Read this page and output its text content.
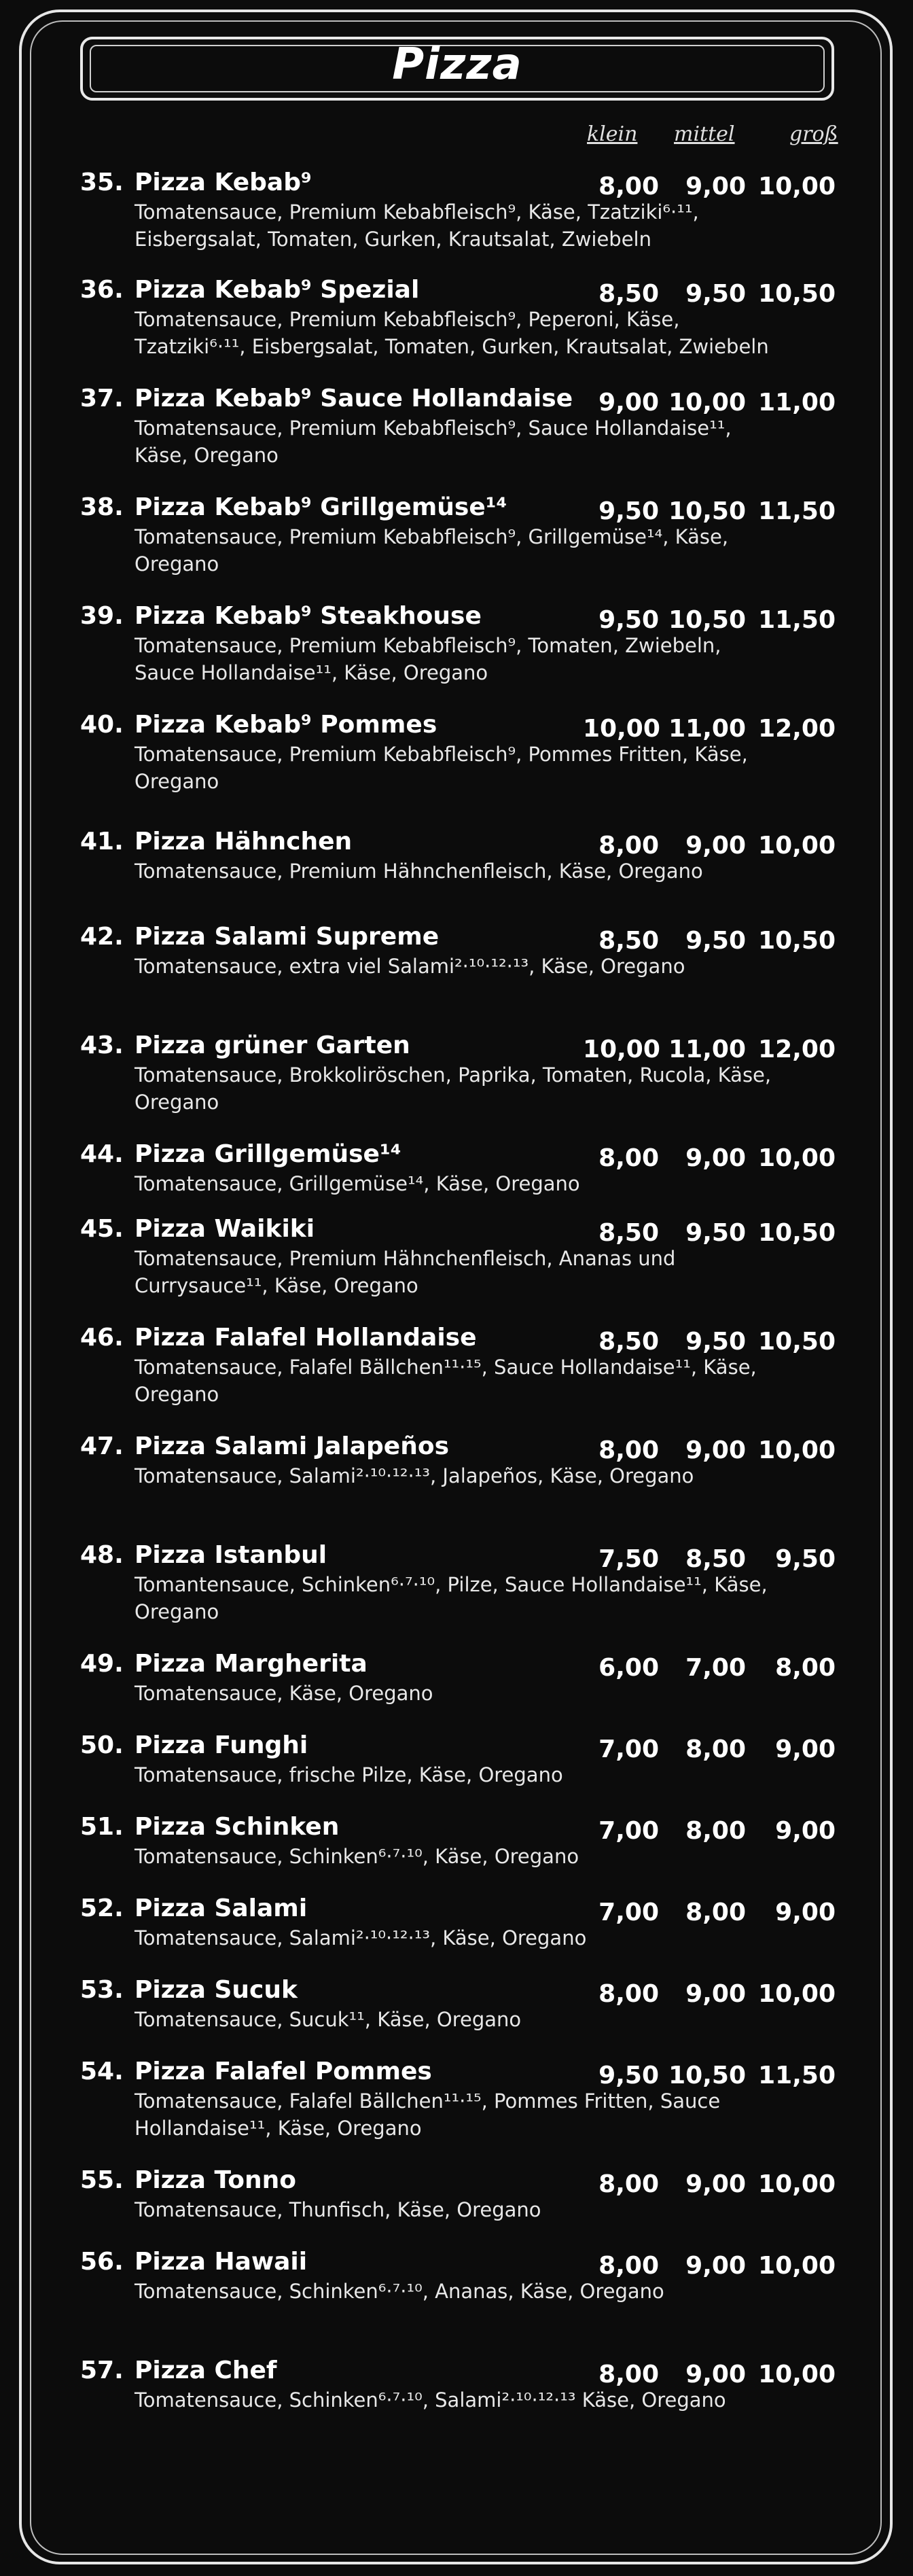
Pizza
klein mittel	groß
35. Pizza Kebab⁹	8,00	9,00 10,00
Tomatensauce, Premium Kebabfleisch⁹, Käse, Tzatziki⁶·¹¹, Eisbergsalat, Tomaten, Gurken, Krautsalat, Zwiebeln
36. Pizza Kebab⁹ Spezial	8,50	9,50 10,50
Tomatensauce, Premium Kebabfleisch⁹, Peperoni, Käse, Tzatziki⁶·¹¹, Eisbergsalat, Tomaten, Gurken, Krautsalat, Zwiebeln
37. Pizza Kebab⁹ Sauce Hollandaise	9,00 10,00 11,00
Tomatensauce, Premium Kebabfleisch⁹, Sauce Hollandaise¹¹, Käse, Oregano
38. Pizza Kebab⁹ Grillgemüse¹⁴	9,50 10,50 11,50
Tomatensauce, Premium Kebabfleisch⁹, Grillgemüse¹⁴, Käse, Oregano
39. Pizza Kebab⁹ Steakhouse	9,50 10,50 11,50
Tomatensauce, Premium Kebabfleisch⁹, Tomaten, Zwiebeln, Sauce Hollandaise¹¹, Käse, Oregano
40. Pizza Kebab⁹ Pommes	10,00 11,00 12,00
Tomatensauce, Premium Kebabfleisch⁹, Pommes Fritten, Käse, Oregano
41. Pizza Hähnchen	8,00	9,00 10,00
Tomatensauce, Premium Hähnchenfleisch, Käse, Oregano
42. Pizza Salami Supreme	8,50	9,50 10,50
Tomatensauce, extra viel Salami²·¹⁰·¹²·¹³, Käse, Oregano
43. Pizza grüner Garten	10,00 11,00 12,00
Tomatensauce, Brokkoliröschen, Paprika, Tomaten, Rucola, Käse, Oregano
44. Pizza Grillgemüse¹⁴	8,00	9,00 10,00
Tomatensauce, Grillgemüse¹⁴, Käse, Oregano
45. Pizza Waikiki	8,50	9,50 10,50
Tomatensauce, Premium Hähnchenfleisch, Ananas und Currysauce¹¹, Käse, Oregano
46. Pizza Falafel Hollandaise	8,50	9,50 10,50
Tomatensauce, Falafel Bällchen¹¹·¹⁵, Sauce Hollandaise¹¹, Käse, Oregano
47. Pizza Salami Jalapeños	8,00	9,00 10,00
Tomatensauce, Salami²·¹⁰·¹²·¹³, Jalapeños, Käse, Oregano
48. Pizza Istanbul	7,50	8,50	9,50
Tomantensauce, Schinken⁶·⁷·¹⁰, Pilze, Sauce Hollandaise¹¹, Käse, Oregano
49. Pizza Margherita	6,00	7,00	8,00
Tomatensauce, Käse, Oregano
50. Pizza Funghi	7,00	8,00	9,00
Tomatensauce, frische Pilze, Käse, Oregano
51. Pizza Schinken	7,00	8,00	9,00
Tomatensauce, Schinken⁶·⁷·¹⁰, Käse, Oregano
52. Pizza Salami	7,00	8,00	9,00
Tomatensauce, Salami²·¹⁰·¹²·¹³, Käse, Oregano
53. Pizza Sucuk	8,00	9,00 10,00
Tomatensauce, Sucuk¹¹, Käse, Oregano
54. Pizza Falafel Pommes	9,50 10,50 11,50
Tomatensauce, Falafel Bällchen¹¹·¹⁵, Pommes Fritten, Sauce Hollandaise¹¹, Käse, Oregano
55. Pizza Tonno	8,00	9,00 10,00
Tomatensauce, Thunfisch, Käse, Oregano
56. Pizza Hawaii	8,00	9,00 10,00
Tomatensauce, Schinken⁶·⁷·¹⁰, Ananas, Käse, Oregano
57. Pizza Chef	8,00	9,00 10,00
Tomatensauce, Schinken⁶·⁷·¹⁰, Salami²·¹⁰·¹²·¹³ Käse, Oregano
